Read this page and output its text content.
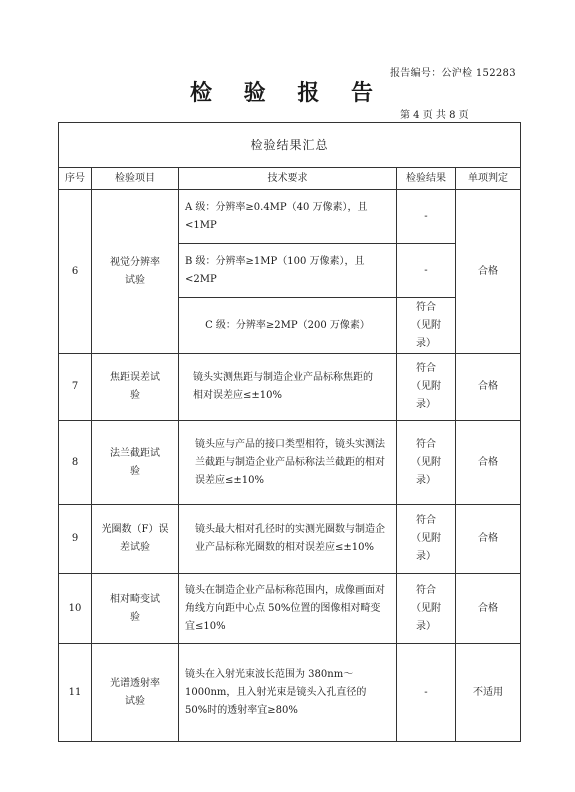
报告编号：公沪检 152283
检 验 报 告
第 4 页 共 8 页
检验结果汇总				
序号	检验项目	技术要求	检验结果	单项判定
6	视觉分辨率试验	A 级：分辨率≥0.4MP（40 万像素），且<1MP	-	合格
		B 级：分辨率≥1MP（100 万像素），且<2MP	-	
		C 级：分辨率≥2MP（200 万像素）	符合（见附录）	
7	焦距误差试验	镜头实测焦距与制造企业产品标称焦距的相对误差应≤±10%	符合（见附录）	合格
8	法兰截距试验	镜头应与产品的接口类型相符，镜头实测法兰截距与制造企业产品标称法兰截距的相对误差应≤±10%	符合（见附录）	合格
9	光圈数（F）误差试验	镜头最大相对孔径时的实测光圈数与制造企业产品标称光圈数的相对误差应≤±10%	符合（见附录）	合格
10	相对畸变试验	镜头在制造企业产品标称范围内，成像画面对角线方向距中心点 50%位置的图像相对畸变宜≤10%	符合（见附录）	合格
11	光谱透射率试验	镜头在入射光束波长范围为 380nm～1000nm，且入射光束是镜头入孔直径的 50%时的透射率宜≥80%	-	不适用
